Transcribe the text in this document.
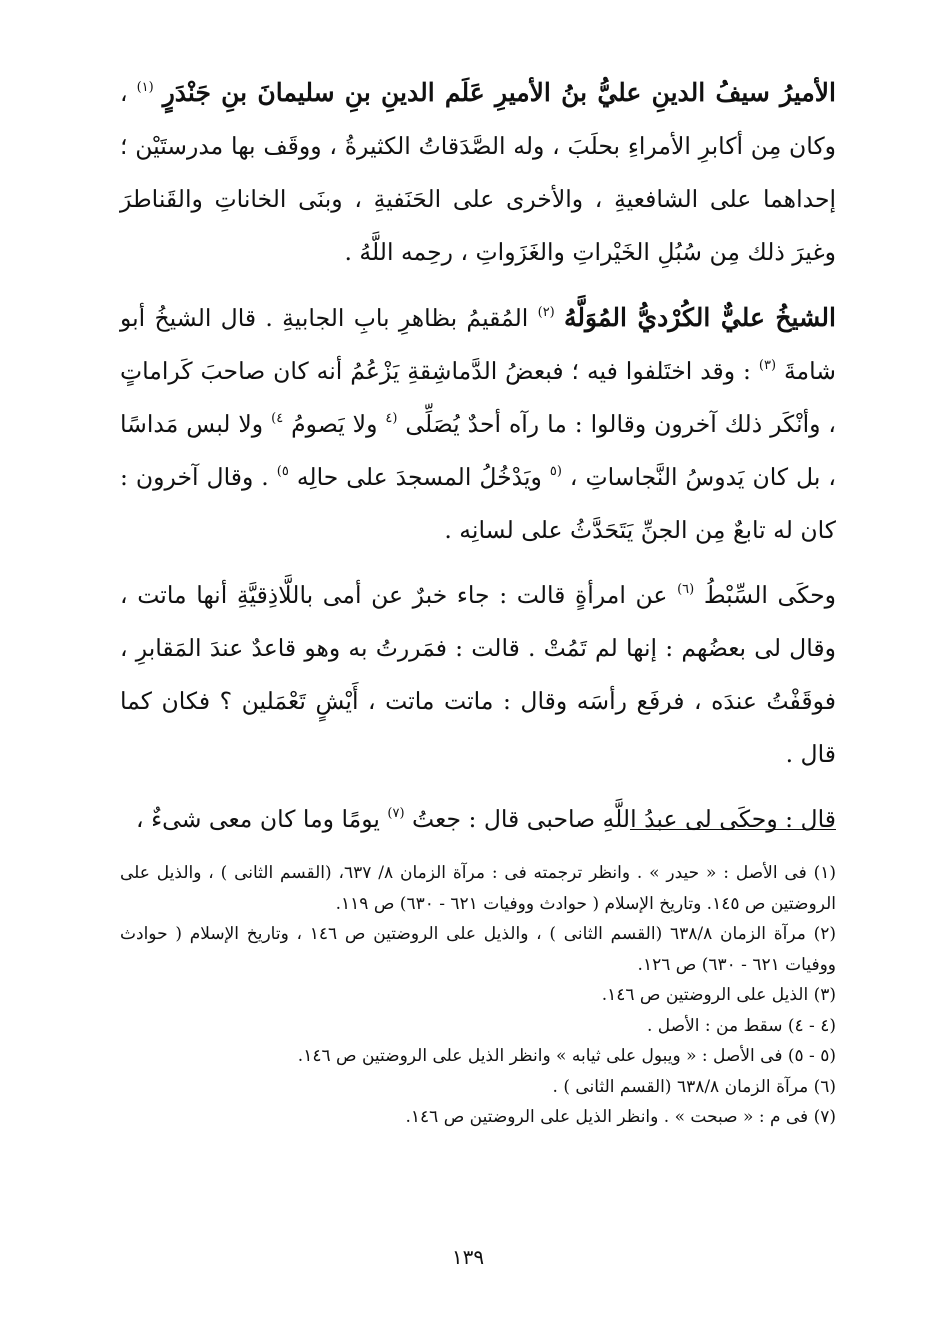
الأميرُ سيفُ الدينِ عليُّ بنُ الأميرِ عَلَم الدينِ بنِ سليمانَ بنِ جَنْدَرٍ $^{(١)}$ ، وكان مِن أكابرِ الأمراءِ بحلَبَ ، وله الصَّدَقاتُ الكثيرةُ ، ووقَف بها مدرستَيْن ؛ إحداهما على الشافعيةِ ، والأخرى على الحَنَفيةِ ، وبنَى الخاناتِ والقَناطرَ وغيرَ ذلك مِن سُبُلِ الخَيْراتِ والغَزَواتِ ، رحِمه اللَّهُ .

الشيخُ عليٌّ الكُرْديُّ المُوَلَّهُ $^{(٢)}$ المُقيمُ بظاهرِ بابِ الجابيةِ . قال الشيخُ أبو شامةَ $^{(٣)}$ : وقد اختَلفوا فيه ؛ فبعضُ الدَّماشِقةِ يَزْعُمُ أنه كان صاحبَ كَراماتٍ ، وأنْكَر ذلك آخرون وقالوا : ما رآه أحدٌ يُصَلِّى $^{(٤}$ ولا يَصومُ $^{٤)}$ ولا لبس مَداسًا ، بل كان يَدوسُ النَّجاساتِ ، $^{(٥}$ ويَدْخُلُ المسجدَ على حالِه $^{٥)}$ . وقال آخرون : كان له تابعٌ مِن الجنِّ يَتَحَدَّثُ على لسانِه .

وحكَى السِّبْطُ $^{(٦)}$ عن امرأةٍ قالت : جاء خبرٌ عن أمى باللَّاذِقيَّةِ أنها ماتت ، وقال لى بعضُهم : إنها لم تَمُتْ . قالت : فمَررتُ به وهو قاعدٌ عندَ المَقابرِ ، فوقَفْتُ عندَه ، فرفَع رأسَه وقال : ماتت ماتت ، أَيْشٍ تَعْمَلين ؟ فكان كما قال .

قال : وحكَى لى عبدُ اللَّهِ صاحبى قال : جعتُ $^{(٧)}$ يومًا وما كان معى شىءٌ ،

(١) فى الأصل : « حيدر » . وانظر ترجمته فى : مرآة الزمان ٨/ ٦٣٧، (القسم الثانى ) ، والذيل على الروضتين ص ١٤٥. وتاريخ الإسلام ( حوادث ووفيات ٦٢١ - ٦٣٠) ص ١١٩.

(٢) مرآة الزمان ٦٣٨/٨ (القسم الثانى ) ، والذيل على الروضتين ص ١٤٦ ، وتاريخ الإسلام ( حوادث ووفيات ٦٢١ - ٦٣٠) ص ١٢٦.

(٣) الذيل على الروضتين ص ١٤٦.

(٤ - ٤) سقط من : الأصل .

(٥ - ٥) فى الأصل : « ويبول على ثيابه » وانظر الذيل على الروضتين ص ١٤٦.

(٦) مرآة الزمان ٦٣٨/٨ (القسم الثانى ) .

(٧) فى م : « صبحت » . وانظر الذيل على الروضتين ص ١٤٦.

١٣٩
